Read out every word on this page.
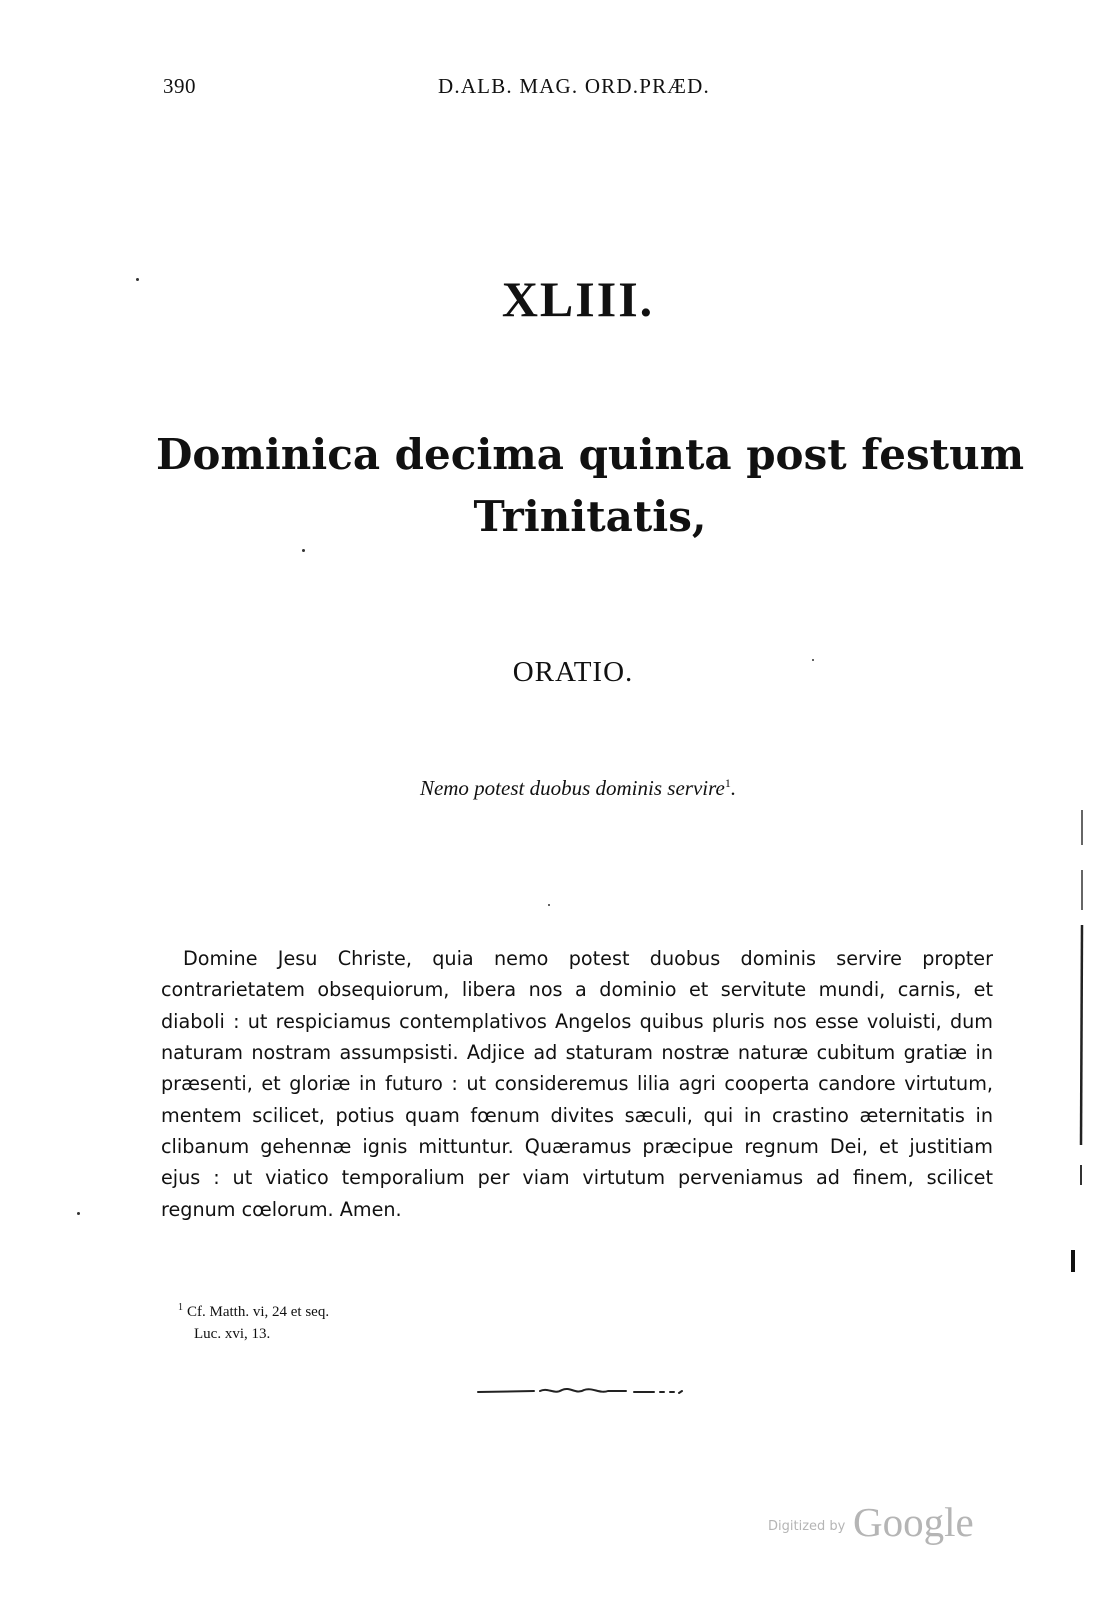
390	D.ALB. MAG. ORD.PRÆD.
XLIII.
Dominica decima quinta post festum
Trinitatis,
ORATIO.
Nemo potest duobus dominis servire$^1$.

Domine Jesu Christe, quia nemo potest duobus dominis servire propter contrarietatem obsequiorum, libera nos a dominio et servitute mundi, carnis, et diaboli : ut respiciamus contemplativos Angelos quibus pluris nos esse voluisti, dum naturam nostram assumpsisti. Adjice ad staturam nostræ naturæ cubitum gratiæ in præsenti, et gloriæ in futuro : ut consideremus lilia agri cooperta candore virtutum, mentem scilicet, potius quam fœnum divites sæculi, qui in crastino æternitatis in clibanum gehennæ ignis mittuntur. Quæramus præcipue regnum Dei, et justitiam ejus : ut viatico temporalium per viam virtutum perveniamus ad finem, scilicet regnum cœlorum. Amen.

$^1$ Cf. Matth. vi, 24 et seq.
Luc. xvi, 13.
Digitized by Google
